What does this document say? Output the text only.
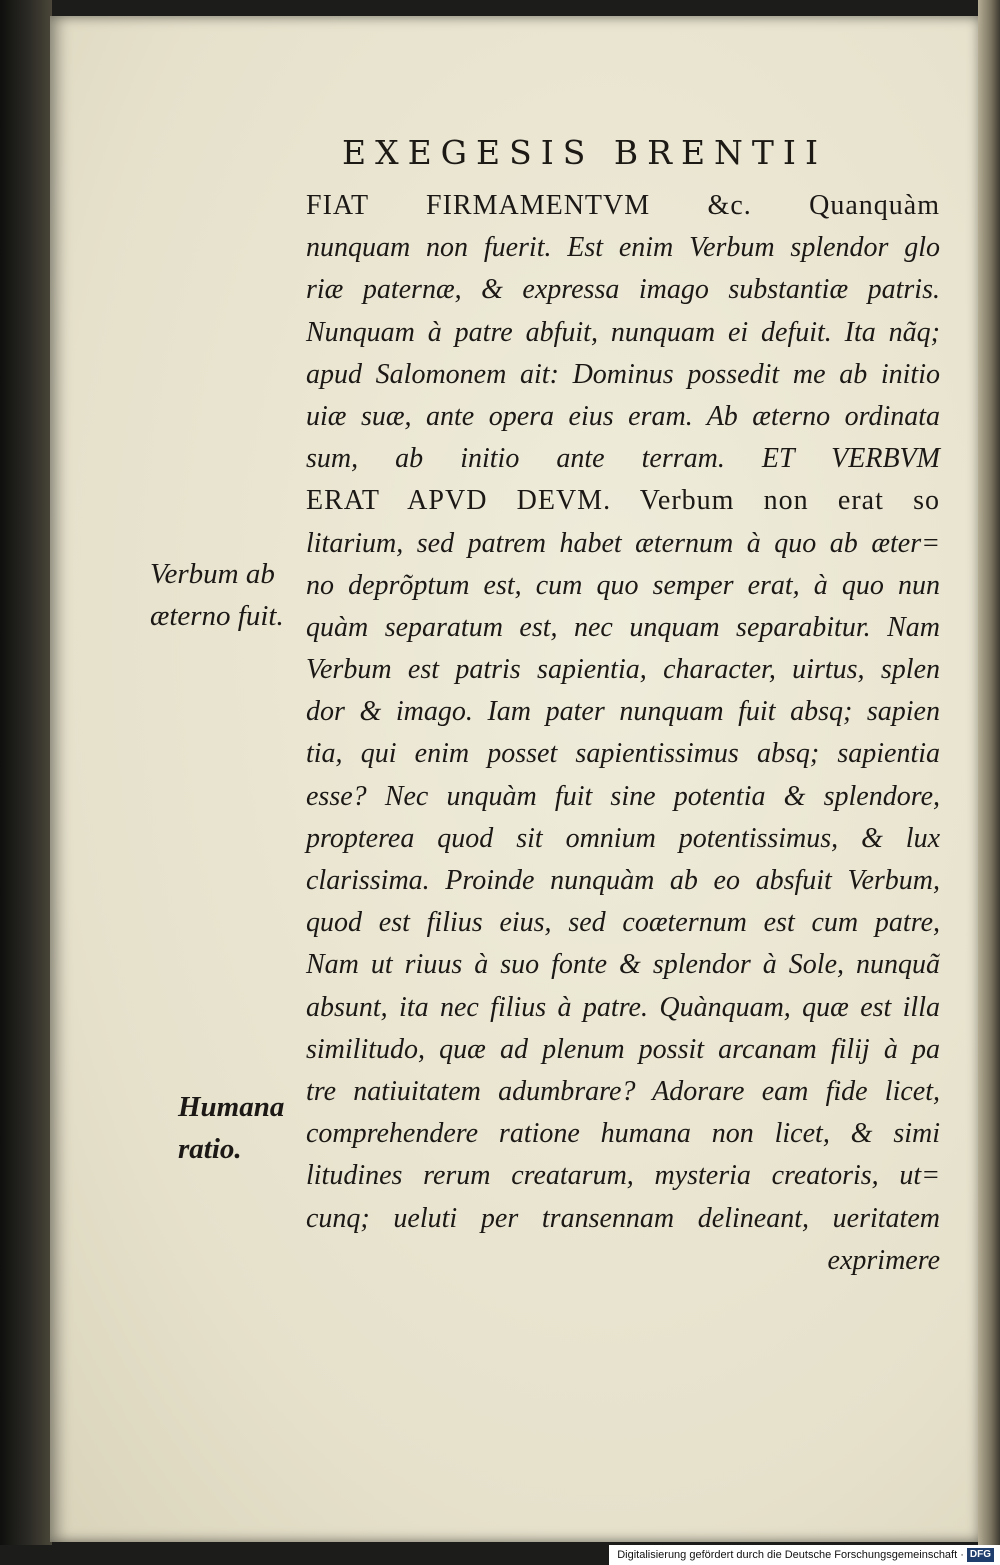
EXEGESIS BRENTII
FIAT FIRMAMENTVM &c. Quanquàm
nunquam non fuerit. Est enim Verbum splendor glo
riæ paternæ, & expressa imago substantiæ patris.
Nunquam à patre abfuit, nunquam ei defuit. Ita nãq;
apud Salomonem ait: Dominus possedit me ab initio
uiæ suæ, ante opera eius eram. Ab æterno ordinata
sum, ab initio ante terram. ET VERBVM
ERAT APVD DEVM. Verbum non erat so
litarium, sed patrem habet æternum à quo ab æter=
no deprõptum est, cum quo semper erat, à quo nun
quàm separatum est, nec unquam separabitur. Nam
Verbum est patris sapientia, character, uirtus, splen
dor & imago. Iam pater nunquam fuit absq; sapien
tia, qui enim posset sapientissimus absq; sapientia
esse? Nec unquàm fuit sine potentia & splendore,
propterea quod sit omnium potentissimus, & lux
clarissima. Proinde nunquàm ab eo absfuit Verbum,
quod est filius eius, sed coæternum est cum patre,
Nam ut riuus à suo fonte & splendor à Sole, nunquã
absunt, ita nec filius à patre. Quànquam, quæ est illa
similitudo, quæ ad plenum possit arcanam filij à pa
tre natiuitatem adumbrare? Adorare eam fide licet,
comprehendere ratione humana non licet, & simi
litudines rerum creatarum, mysteria creatoris, ut=
cunq; ueluti per transennam delineant, ueritatem
exprimere
Verbum ab
æterno fuit.
Humana
ratio.
Digitalisierung gefördert durch die Deutsche Forschungsgemeinschaft · DFG
